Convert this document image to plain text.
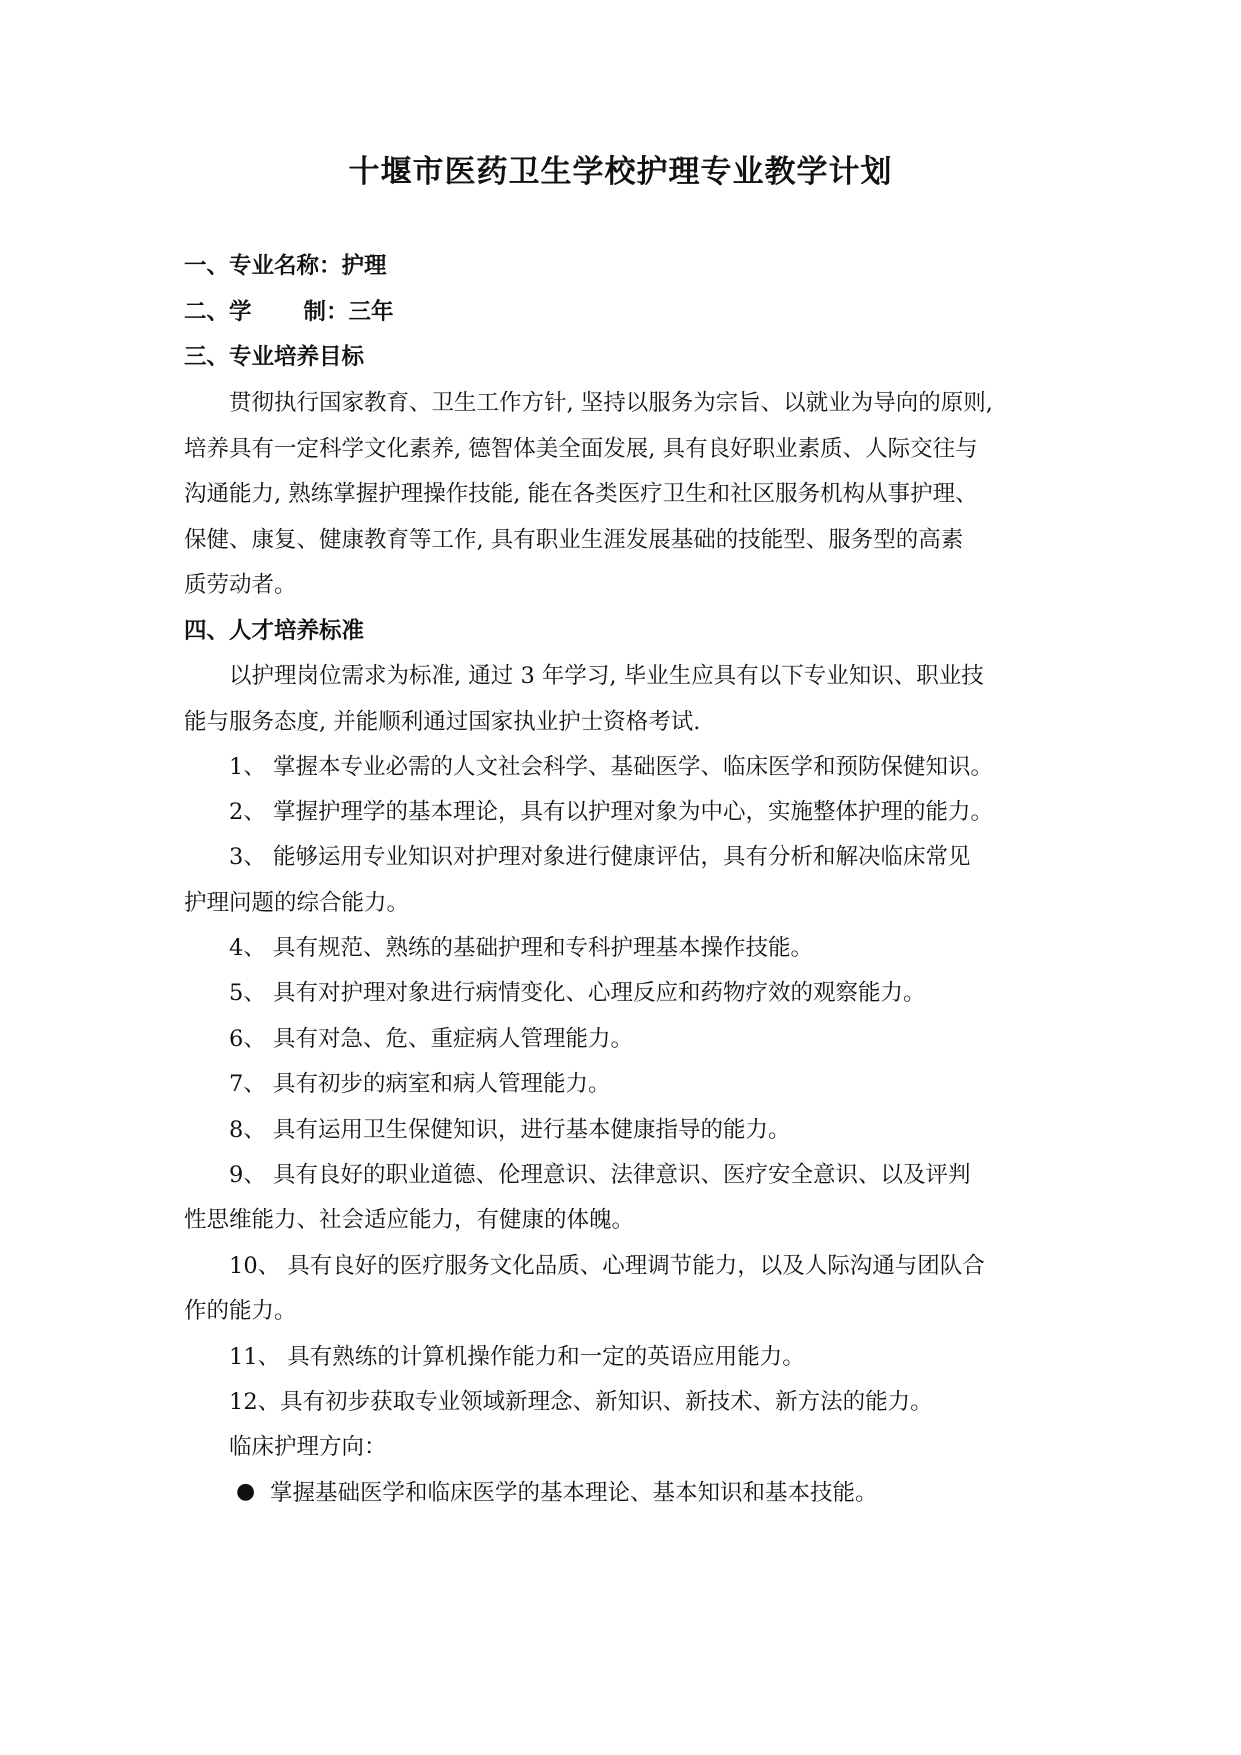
十堰市医药卫生学校护理专业教学计划
一、专业名称：护理
二、学 制：三年
三、专业培养目标
贯彻执行国家教育、卫生工作方针, 坚持以服务为宗旨、以就业为导向的原则,
培养具有一定科学文化素养, 德智体美全面发展, 具有良好职业素质、人际交往与
沟通能力, 熟练掌握护理操作技能, 能在各类医疗卫生和社区服务机构从事护理、
保健、康复、健康教育等工作, 具有职业生涯发展基础的技能型、服务型的高素
质劳动者。
四、人才培养标准
以护理岗位需求为标准, 通过 3 年学习, 毕业生应具有以下专业知识、职业技
能与服务态度, 并能顺利通过国家执业护士资格考试.
1、 掌握本专业必需的人文社会科学、基础医学、临床医学和预防保健知识。
2、 掌握护理学的基本理论，具有以护理对象为中心，实施整体护理的能力。
3、 能够运用专业知识对护理对象进行健康评估，具有分析和解决临床常见
护理问题的综合能力。
4、 具有规范、熟练的基础护理和专科护理基本操作技能。
5、 具有对护理对象进行病情变化、心理反应和药物疗效的观察能力。
6、 具有对急、危、重症病人管理能力。
7、 具有初步的病室和病人管理能力。
8、 具有运用卫生保健知识，进行基本健康指导的能力。
9、 具有良好的职业道德、伦理意识、法律意识、医疗安全意识、以及评判
性思维能力、社会适应能力，有健康的体魄。
10、 具有良好的医疗服务文化品质、心理调节能力，以及人际沟通与团队合
作的能力。
11、 具有熟练的计算机操作能力和一定的英语应用能力。
12、具有初步获取专业领域新理念、新知识、新技术、新方法的能力。
临床护理方向：
● 掌握基础医学和临床医学的基本理论、基本知识和基本技能。
